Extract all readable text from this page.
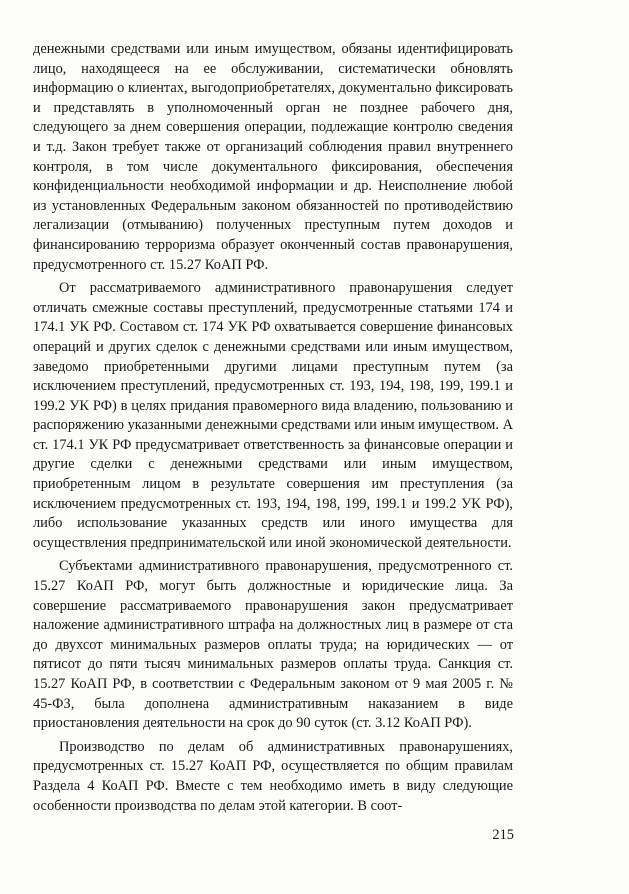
денежными средствами или иным имуществом, обязаны идентифицировать лицо, находящееся на ее обслуживании, систематически обновлять информацию о клиентах, выгодоприобретателях, документально фиксировать и представлять в уполномоченный орган не позднее рабочего дня, следующего за днем совершения операции, подлежащие контролю сведения и т.д. Закон требует также от организаций соблюдения правил внутреннего контроля, в том числе документального фиксирования, обеспечения конфиденциальности необходимой информации и др. Неисполнение любой из установленных Федеральным законом обязанностей по противодействию легализации (отмыванию) полученных преступным путем доходов и финансированию терроризма образует оконченный состав правонарушения, предусмотренного ст. 15.27 КоАП РФ.

От рассматриваемого административного правонарушения следует отличать смежные составы преступлений, предусмотренные статьями 174 и 174.1 УК РФ. Составом ст. 174 УК РФ охватывается совершение финансовых операций и других сделок с денежными средствами или иным имуществом, заведомо приобретенными другими лицами преступным путем (за исключением преступлений, предусмотренных ст. 193, 194, 198, 199, 199.1 и 199.2 УК РФ) в целях придания правомерного вида владению, пользованию и распоряжению указанными денежными средствами или иным имуществом. А ст. 174.1 УК РФ предусматривает ответственность за финансовые операции и другие сделки с денежными средствами или иным имуществом, приобретенным лицом в результате совершения им преступления (за исключением предусмотренных ст. 193, 194, 198, 199, 199.1 и 199.2 УК РФ), либо использование указанных средств или иного имущества для осуществления предпринимательской или иной экономической деятельности.

Субъектами административного правонарушения, предусмотренного ст. 15.27 КоАП РФ, могут быть должностные и юридические лица. За совершение рассматриваемого правонарушения закон предусматривает наложение административного штрафа на должностных лиц в размере от ста до двухсот минимальных размеров оплаты труда; на юридических — от пятисот до пяти тысяч минимальных размеров оплаты труда. Санкция ст. 15.27 КоАП РФ, в соответствии с Федеральным законом от 9 мая 2005 г. № 45-ФЗ, была дополнена административным наказанием в виде приостановления деятельности на срок до 90 суток (ст. 3.12 КоАП РФ).

Производство по делам об административных правонарушениях, предусмотренных ст. 15.27 КоАП РФ, осуществляется по общим правилам Раздела 4 КоАП РФ. Вместе с тем необходимо иметь в виду следующие особенности производства по делам этой категории. В соот-

215
